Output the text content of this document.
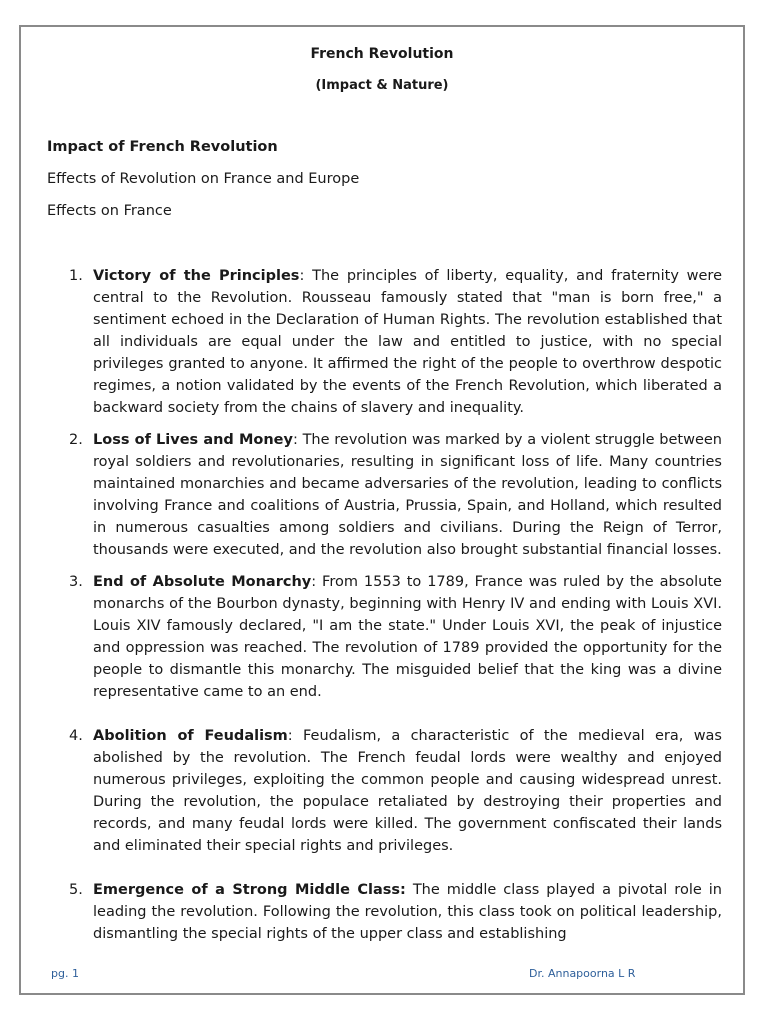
French Revolution
(Impact & Nature)
Impact of French Revolution
Effects of Revolution on France and Europe
Effects on France
1. Victory of the Principles: The principles of liberty, equality, and fraternity were central to the Revolution. Rousseau famously stated that "man is born free," a sentiment echoed in the Declaration of Human Rights. The revolution established that all individuals are equal under the law and entitled to justice, with no special privileges granted to anyone. It affirmed the right of the people to overthrow despotic regimes, a notion validated by the events of the French Revolution, which liberated a backward society from the chains of slavery and inequality.
2. Loss of Lives and Money: The revolution was marked by a violent struggle between royal soldiers and revolutionaries, resulting in significant loss of life. Many countries maintained monarchies and became adversaries of the revolution, leading to conflicts involving France and coalitions of Austria, Prussia, Spain, and Holland, which resulted in numerous casualties among soldiers and civilians. During the Reign of Terror, thousands were executed, and the revolution also brought substantial financial losses.
3. End of Absolute Monarchy: From 1553 to 1789, France was ruled by the absolute monarchs of the Bourbon dynasty, beginning with Henry IV and ending with Louis XVI. Louis XIV famously declared, "I am the state." Under Louis XVI, the peak of injustice and oppression was reached. The revolution of 1789 provided the opportunity for the people to dismantle this monarchy. The misguided belief that the king was a divine representative came to an end.
4. Abolition of Feudalism: Feudalism, a characteristic of the medieval era, was abolished by the revolution. The French feudal lords were wealthy and enjoyed numerous privileges, exploiting the common people and causing widespread unrest. During the revolution, the populace retaliated by destroying their properties and records, and many feudal lords were killed. The government confiscated their lands and eliminated their special rights and privileges.
5. Emergence of a Strong Middle Class: The middle class played a pivotal role in leading the revolution. Following the revolution, this class took on political leadership, dismantling the special rights of the upper class and establishing
pg. 1	Dr. Annapoorna L R
